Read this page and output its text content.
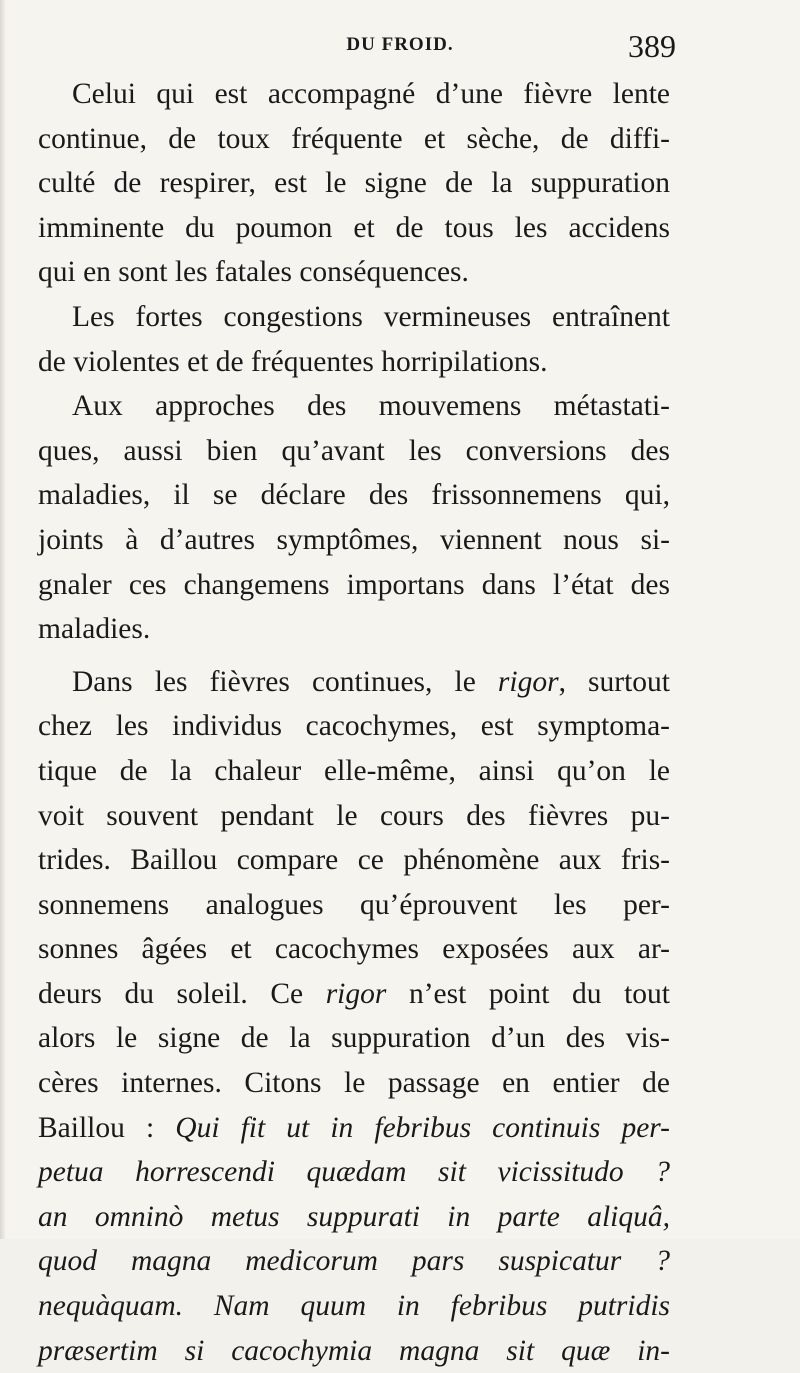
DU FROID.	389
Celui qui est accompagné d’une fièvre lente
continue, de toux fréquente et sèche, de diffi-
culté de respirer, est le signe de la suppuration
imminente du poumon et de tous les accidens
qui en sont les fatales conséquences.
Les fortes congestions vermineuses entraînent
de violentes et de fréquentes horripilations.
Aux approches des mouvemens métastati-
ques, aussi bien qu’avant les conversions des
maladies, il se déclare des frissonnemens qui,
joints à d’autres symptômes, viennent nous si-
gnaler ces changemens importans dans l’état des
maladies.
Dans les fièvres continues, le rigor, surtout
chez les individus cacochymes, est symptoma-
tique de la chaleur elle-même, ainsi qu’on le
voit souvent pendant le cours des fièvres pu-
trides. Baillou compare ce phénomène aux fris-
sonnemens analogues qu’éprouvent les per-
sonnes âgées et cacochymes exposées aux ar-
deurs du soleil. Ce rigor n’est point du tout
alors le signe de la suppuration d’un des vis-
cères internes. Citons le passage en entier de
Baillou : Qui fit ut in febribus continuis per-
petua horrescendi quædam sit vicissitudo ?
an omninò metus suppurati in parte aliquâ,
quod magna medicorum pars suspicatur ?
nequàquam. Nam quum in febribus putridis
præsertim si cacochymia magna sit quæ in-
